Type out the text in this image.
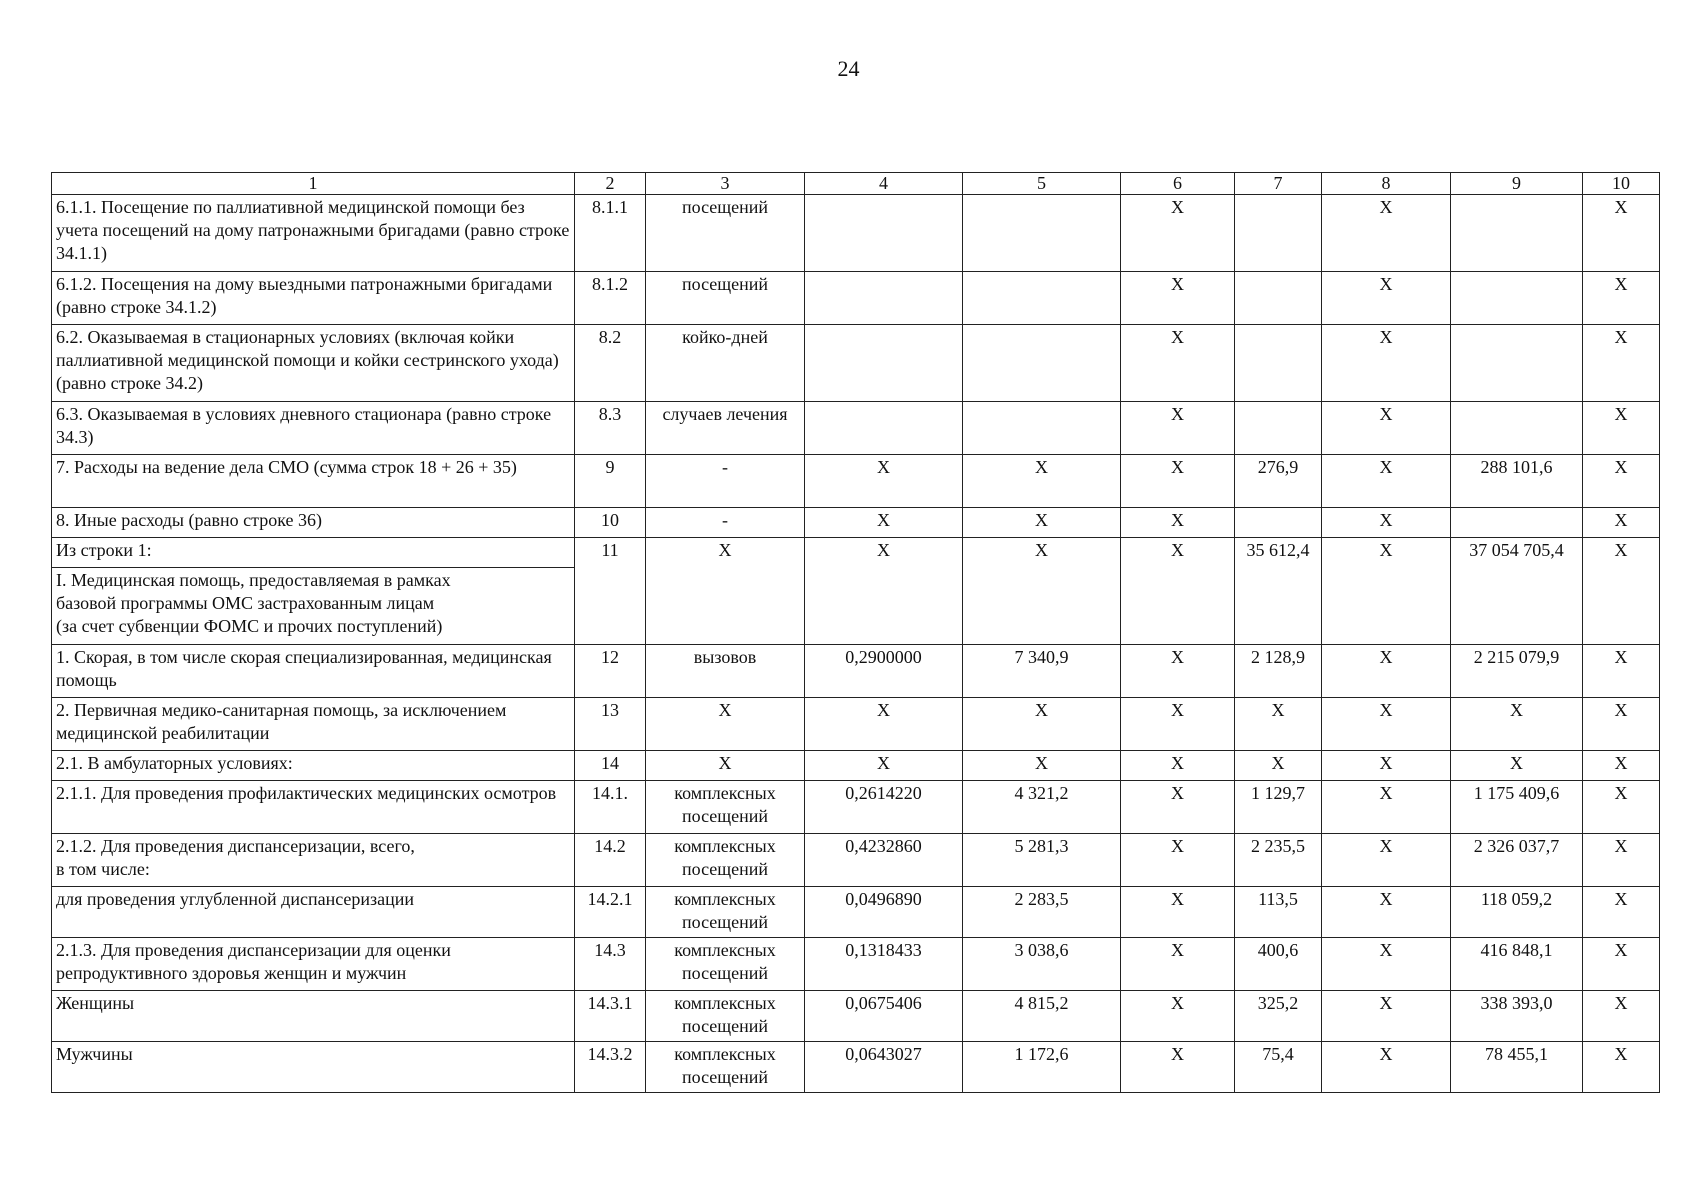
24
1	2	3	4	5	6	7	8	9	10
6.1.1. Посещение по паллиативной медицинской помощи без учета посещений на дому патронажными бригадами (равно строке 34.1.1)	8.1.1	посещений			X		X		X
6.1.2. Посещения на дому выездными патронажными бригадами (равно строке 34.1.2)	8.1.2	посещений			X		X		X
6.2. Оказываемая в стационарных условиях (включая койки паллиативной медицинской помощи и койки сестринского ухода) (равно строке 34.2)	8.2	койко-дней			X		X		X
6.3. Оказываемая в условиях дневного стационара (равно строке 34.3)	8.3	случаев лечения			X		X		X
7. Расходы на ведение дела СМО (сумма строк 18 + 26 + 35)	9	-	X	X	X	276,9	X	288 101,6	X
8. Иные расходы (равно строке 36)	10	-	X	X	X		X		X
Из строки 1:	11	X	X	X	X	35 612,4	X	37 054 705,4	X

I. Медицинская помощь, предоставляемая в рамках
базовой программы ОМС застрахованным лицам
(за счет субвенции ФОМС и прочих поступлений)									

1. Скорая, в том числе скорая специализированная, медицинская помощь	12	вызовов	0,2900000	7 340,9	X	2 128,9	X	2 215 079,9	X
2. Первичная медико-санитарная помощь, за исключением медицинской реабилитации	13	X	X	X	X	X	X	X	X
2.1. В амбулаторных условиях:	14	X	X	X	X	X	X	X	X
2.1.1. Для проведения профилактических медицинских осмотров	14.1.	комплексных посещений	0,2614220	4 321,2	X	1 129,7	X	1 175 409,6	X

2.1.2. Для проведения диспансеризации, всего,
в том числе:	14.2	комплексных посещений	0,4232860	5 281,3	X	2 235,5	X	2 326 037,7	X
для проведения углубленной диспансеризации	14.2.1	комплексных посещений	0,0496890	2 283,5	X	113,5	X	118 059,2	X
2.1.3. Для проведения диспансеризации для оценки репродуктивного здоровья женщин и мужчин	14.3	комплексных посещений	0,1318433	3 038,6	X	400,6	X	416 848,1	X
Женщины	14.3.1	комплексных посещений	0,0675406	4 815,2	X	325,2	X	338 393,0	X
Мужчины	14.3.2	комплексных посещений	0,0643027	1 172,6	X	75,4	X	78 455,1	X
